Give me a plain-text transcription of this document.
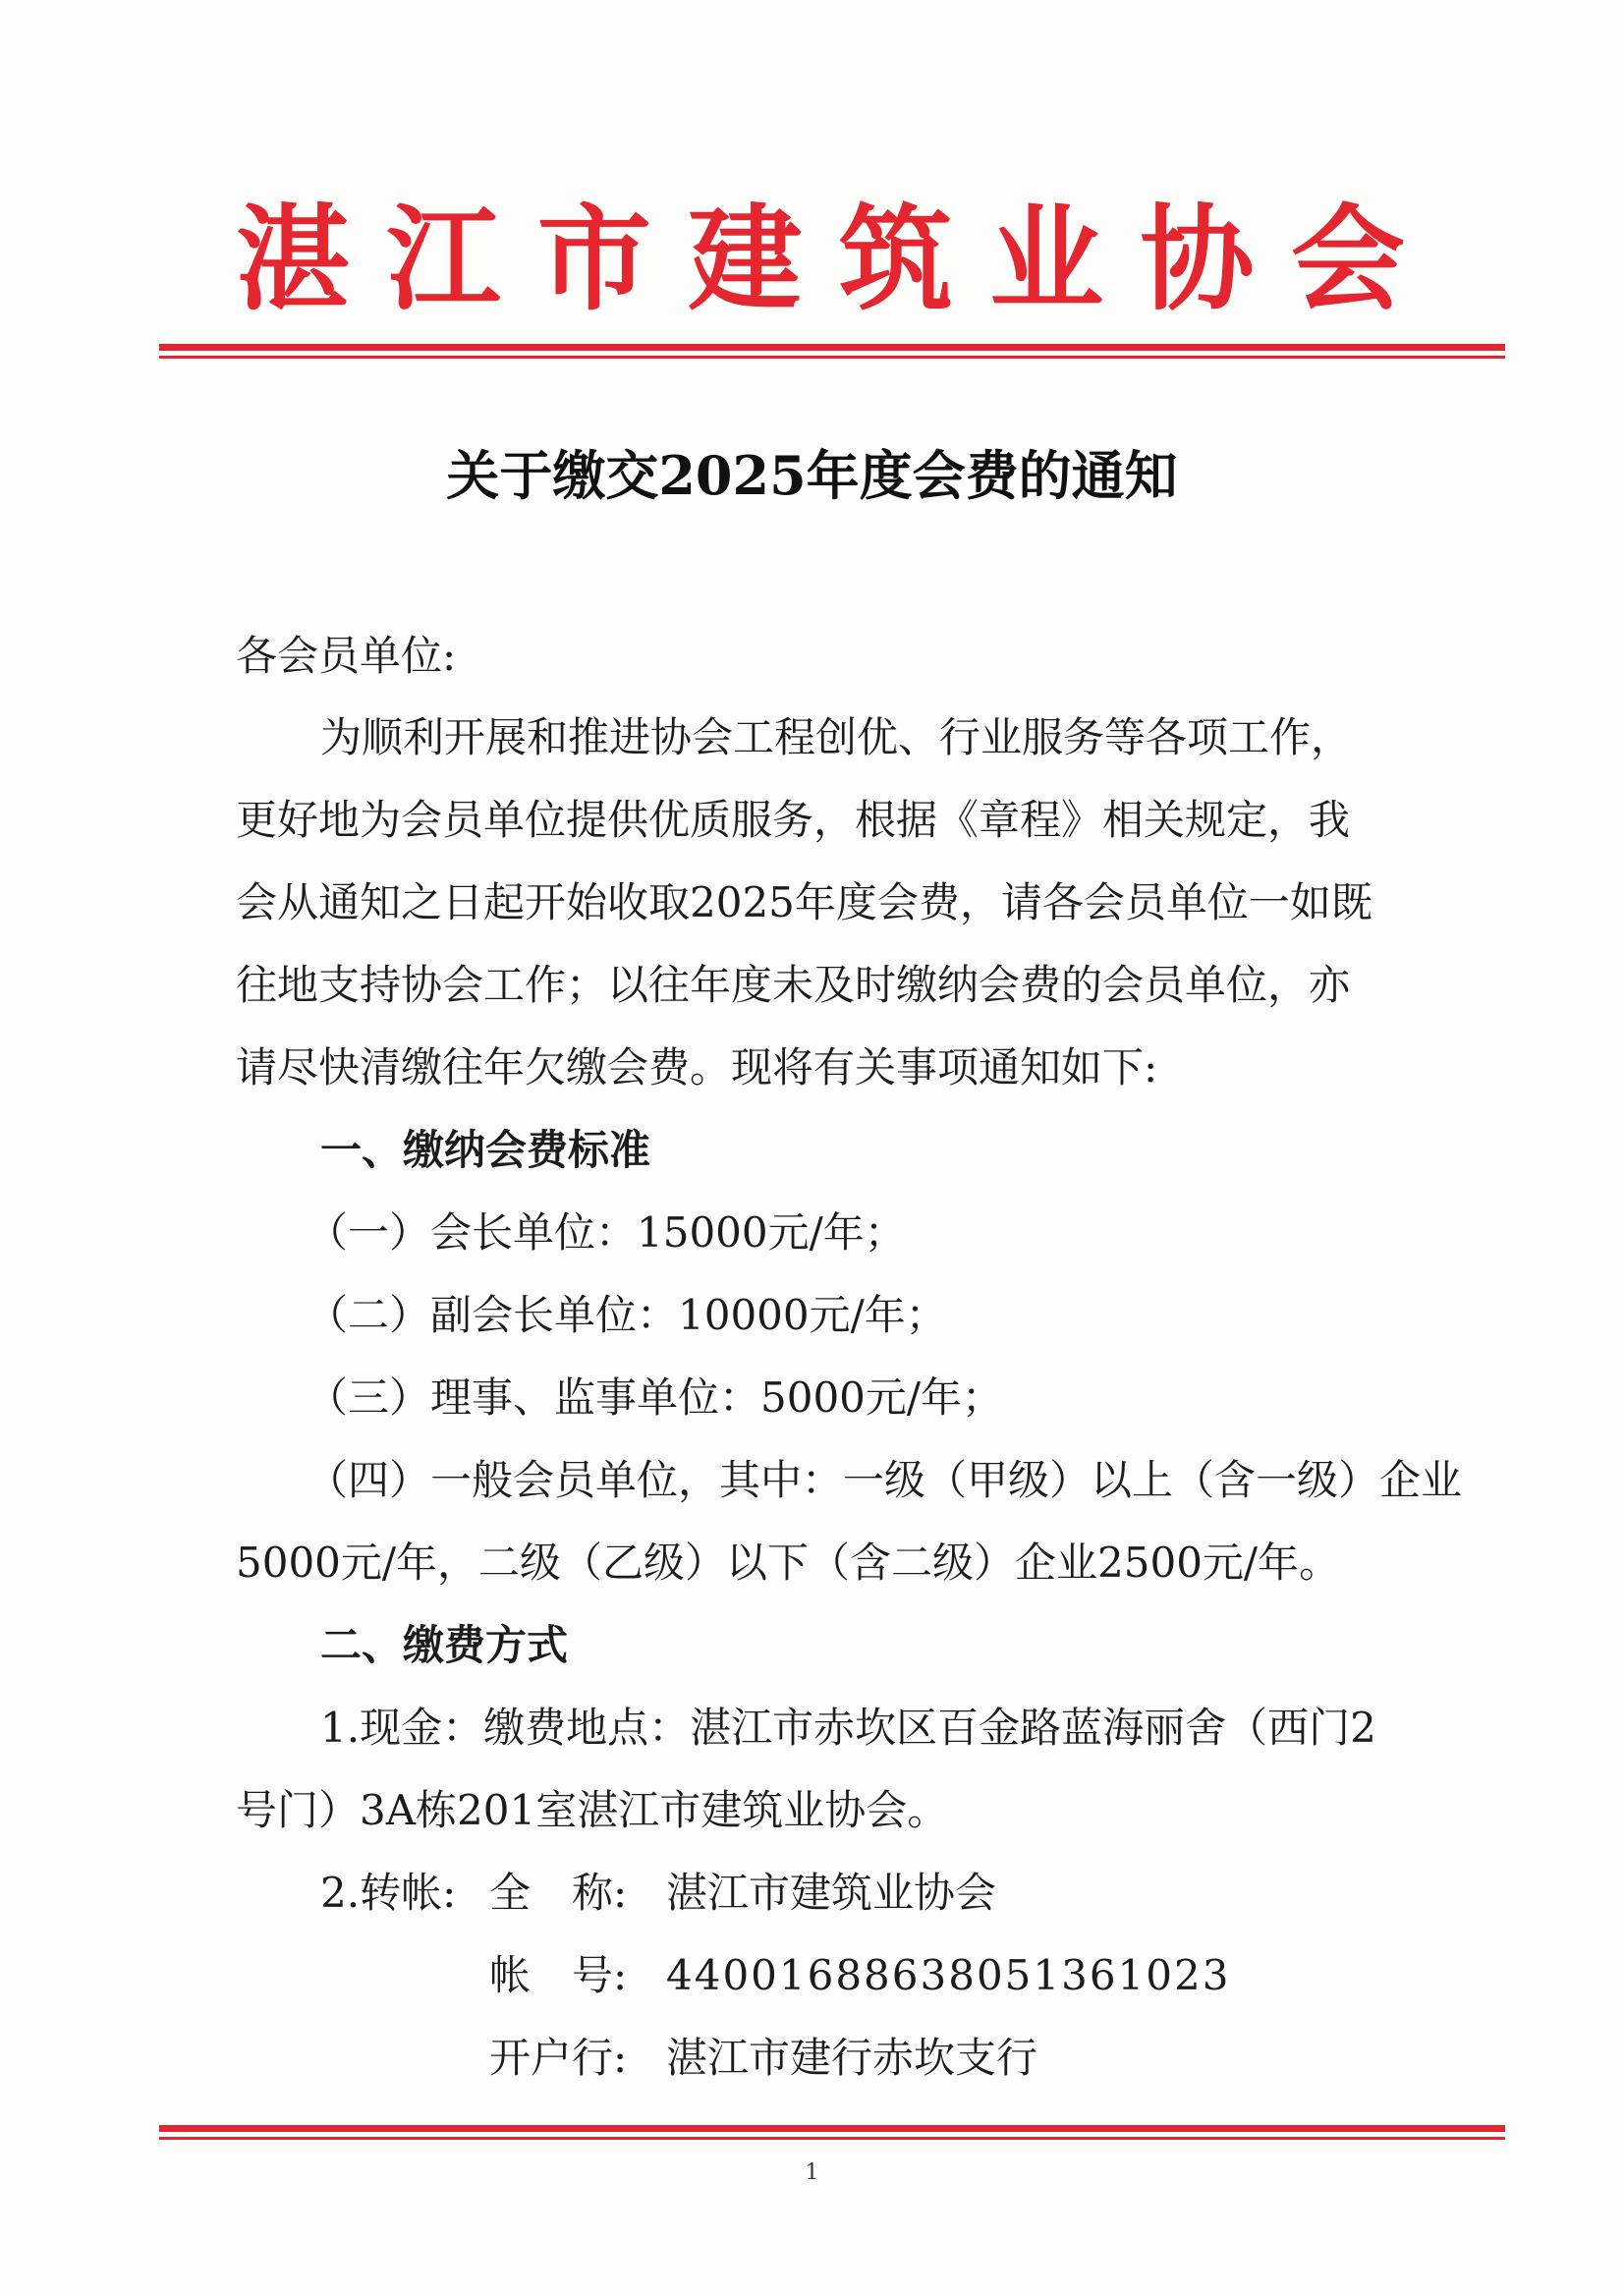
湛 江 市 建 筑 业 协 会
关于缴交2025年度会费的通知
各会员单位:
为顺利开展和推进协会工程创优、行业服务等各项工作，
更好地为会员单位提供优质服务，根据《章程》相关规定，我
会从通知之日起开始收取2025年度会费，请各会员单位一如既
往地支持协会工作；以往年度未及时缴纳会费的会员单位，亦
请尽快清缴往年欠缴会费。现将有关事项通知如下:
一、缴纳会费标准
（一）会长单位：15000元/年；
（二）副会长单位：10000元/年；
（三）理事、监事单位：5000元/年；
（四）一般会员单位，其中：一级（甲级）以上（含一级）企业
5000元/年，二级（乙级）以下（含二级）企业2500元/年。
二、缴费方式
1.现金：缴费地点：湛江市赤坎区百金路蓝海丽舍（西门2
号门）3A栋201室湛江市建筑业协会。
2.转帐: 全　称: 湛江市建筑业协会
帐　号: 44001688638051361023
开户行: 湛江市建行赤坎支行
1
